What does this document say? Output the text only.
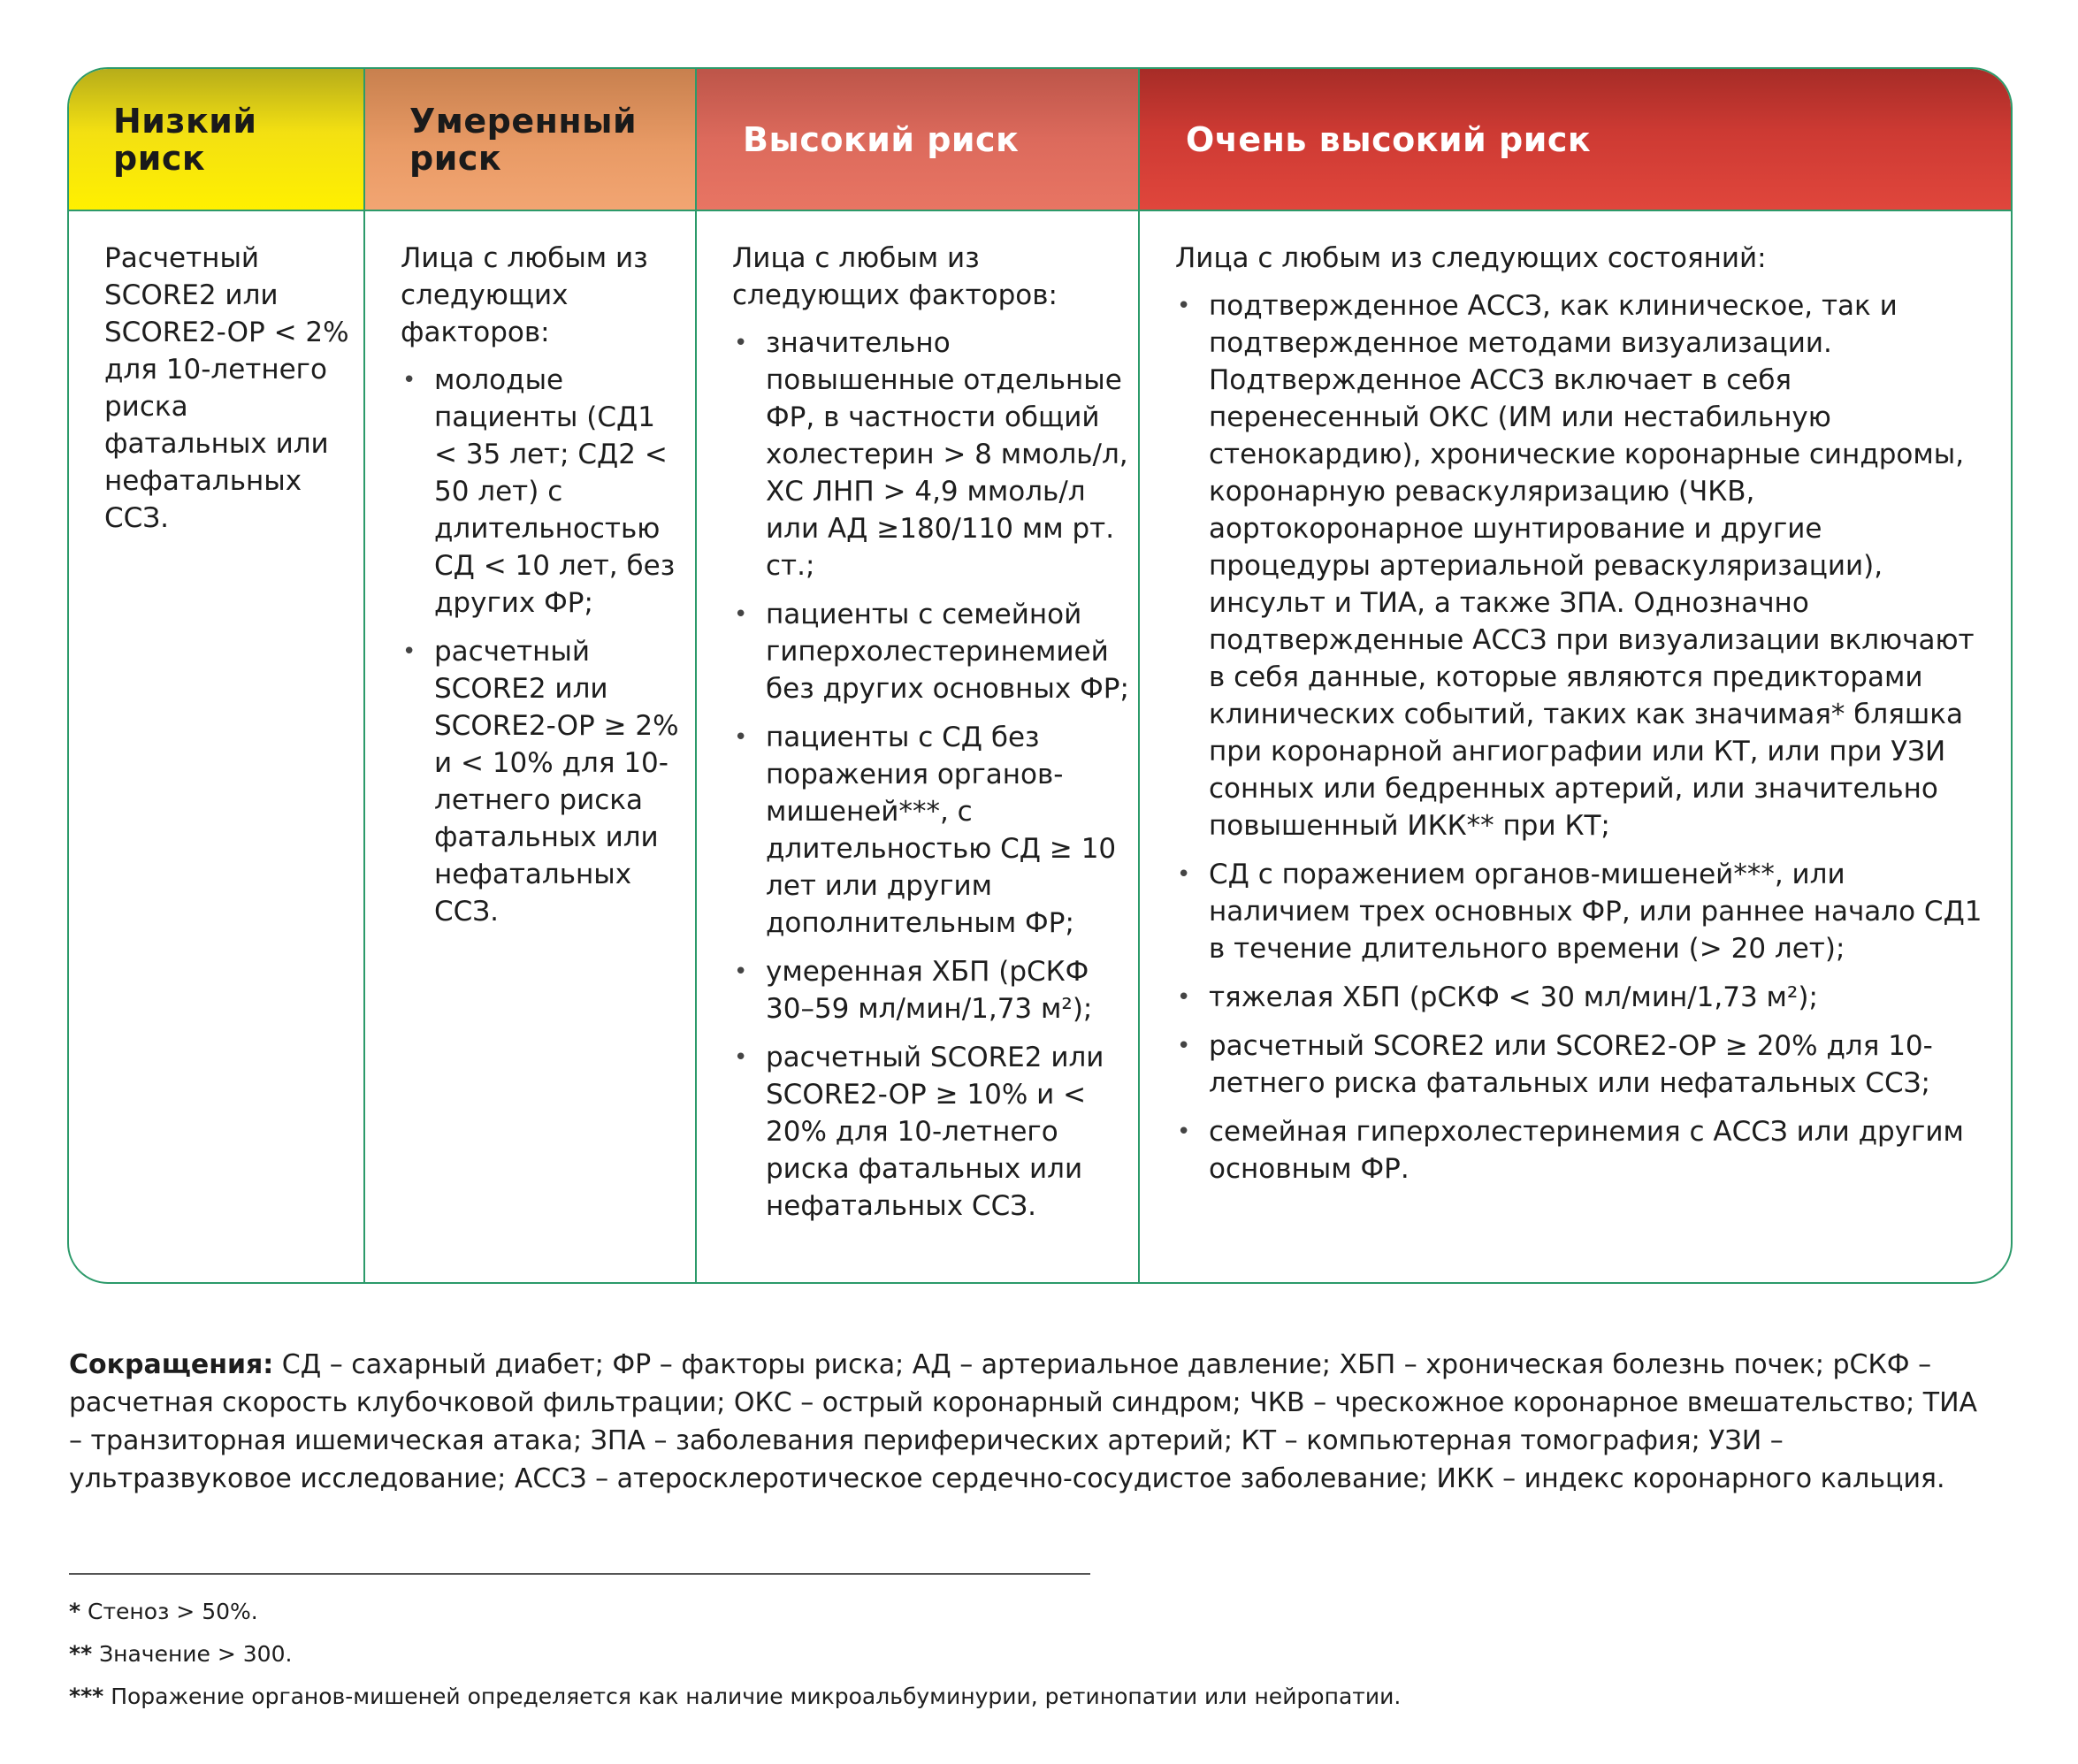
Низкий
риск
Расчетный SCORE2 или SCORE2-OP < 2% для 10-летнего риска фатальных или нефатальных ССЗ.
Умеренный
риск
Лица с любым из следующих факторов:
• молодые пациенты (СД1 < 35 лет; СД2 < 50 лет) с длительностью СД < 10 лет, без других ФР;
• расчетный SCORE2 или SCORE2-OP ≥ 2% и < 10% для 10-летнего риска фатальных или нефатальных ССЗ.
Высокий риск
Лица с любым из следующих факторов:
• значительно повышенные отдельные ФР, в частности общий холестерин > 8 ммоль/л, ХС ЛНП > 4,9 ммоль/л или АД ≥180/110 мм рт. ст.;
• пациенты с семейной гиперхолестеринемией без других основных ФР;
• пациенты с СД без поражения органов-мишеней***, с длительностью СД ≥ 10 лет или другим дополнительным ФР;
• умеренная ХБП (рСКФ 30–59 мл/мин/1,73 м²);
• расчетный SCORE2 или SCORE2-OP ≥ 10% и < 20% для 10-летнего риска фатальных или нефатальных ССЗ.
Очень высокий риск
Лица с любым из следующих состояний:
• подтвержденное АССЗ, как клиническое, так и подтвержденное методами визуализации. Подтвержденное АССЗ включает в себя перенесенный ОКС (ИМ или нестабильную стенокардию), хронические коронарные синдромы, коронарную реваскуляризацию (ЧКВ, аортокоронарное шунтирование и другие процедуры артериальной реваскуляризации), инсульт и ТИА, а также ЗПА. Однозначно подтвержденные АССЗ при визуализации включают в себя данные, которые являются предикторами клинических событий, таких как значимая* бляшка при коронарной ангиографии или КТ, или при УЗИ сонных или бедренных артерий, или значительно повышенный ИКК** при КТ;
• СД с поражением органов-мишеней***, или наличием трех основных ФР, или раннее начало СД1 в течение длительного времени (> 20 лет);
• тяжелая ХБП (рСКФ < 30 мл/мин/1,73 м²);
• расчетный SCORE2 или SCORE2-OP ≥ 20% для 10-летнего риска фатальных или нефатальных ССЗ;
• семейная гиперхолестеринемия с АССЗ или другим основным ФР.
Сокращения: СД – сахарный диабет; ФР – факторы риска; АД – артериальное давление; ХБП – хроническая болезнь почек; рСКФ – расчетная скорость клубочковой фильтрации; ОКС – острый коронарный синдром; ЧКВ – чрескожное коронарное вмешательство; ТИА – транзиторная ишемическая атака; ЗПА – заболевания периферических артерий; КТ – компьютерная томография; УЗИ – ультразвуковое исследование; АССЗ – атеросклеротическое сердечно-сосудистое заболевание; ИКК – индекс коронарного кальция.
* Стеноз > 50%.
** Значение > 300.
*** Поражение органов-мишеней определяется как наличие микроальбуминурии, ретинопатии или нейропатии.
